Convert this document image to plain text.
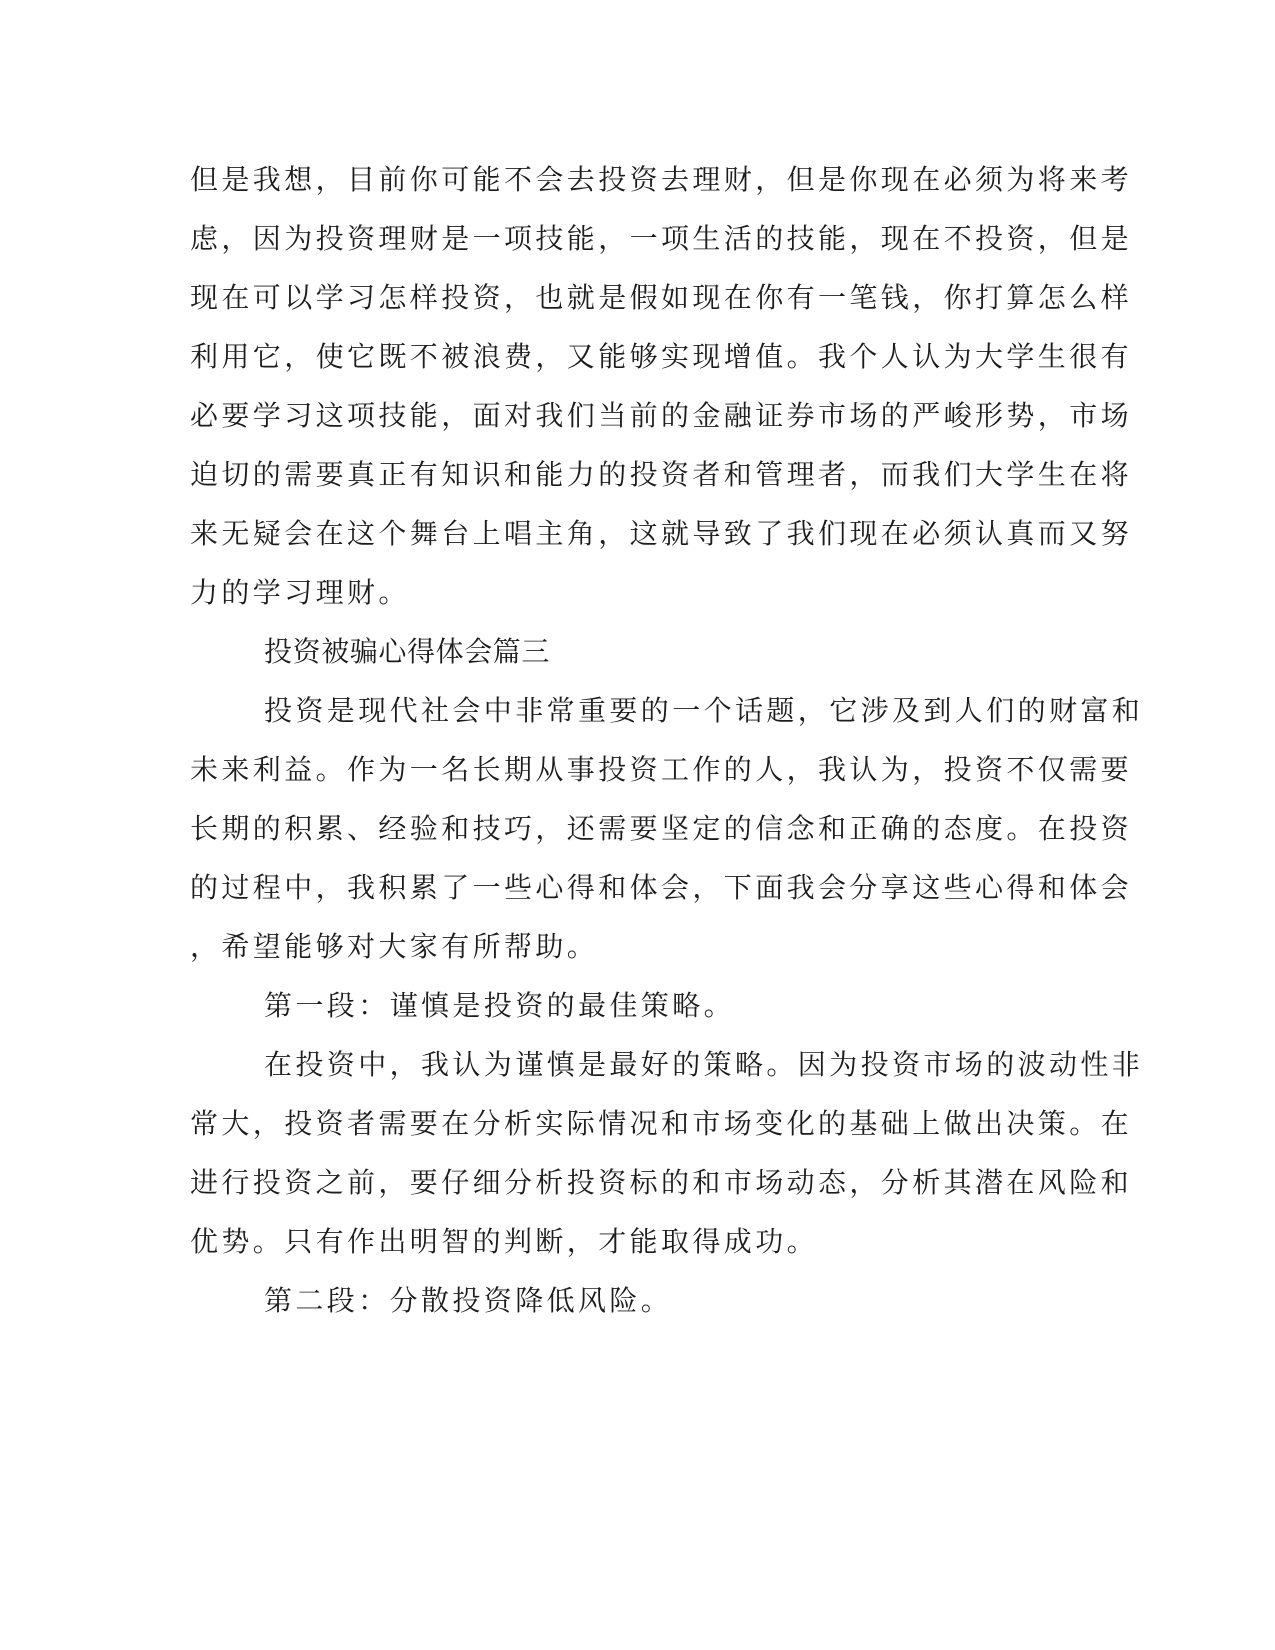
但是我想，目前你可能不会去投资去理财，但是你现在必须为将来考

虑，因为投资理财是一项技能，一项生活的技能，现在不投资，但是

现在可以学习怎样投资，也就是假如现在你有一笔钱，你打算怎么样

利用它，使它既不被浪费，又能够实现增值。我个人认为大学生很有

必要学习这项技能，面对我们当前的金融证券市场的严峻形势，市场

迫切的需要真正有知识和能力的投资者和管理者，而我们大学生在将

来无疑会在这个舞台上唱主角，这就导致了我们现在必须认真而又努

力的学习理财。

投资被骗心得体会篇三

投资是现代社会中非常重要的一个话题，它涉及到人们的财富和

未来利益。作为一名长期从事投资工作的人，我认为，投资不仅需要

长期的积累、经验和技巧，还需要坚定的信念和正确的态度。在投资

的过程中，我积累了一些心得和体会，下面我会分享这些心得和体会

，希望能够对大家有所帮助。

第一段：谨慎是投资的最佳策略。

在投资中，我认为谨慎是最好的策略。因为投资市场的波动性非

常大，投资者需要在分析实际情况和市场变化的基础上做出决策。在

进行投资之前，要仔细分析投资标的和市场动态，分析其潜在风险和

优势。只有作出明智的判断，才能取得成功。

第二段：分散投资降低风险。
